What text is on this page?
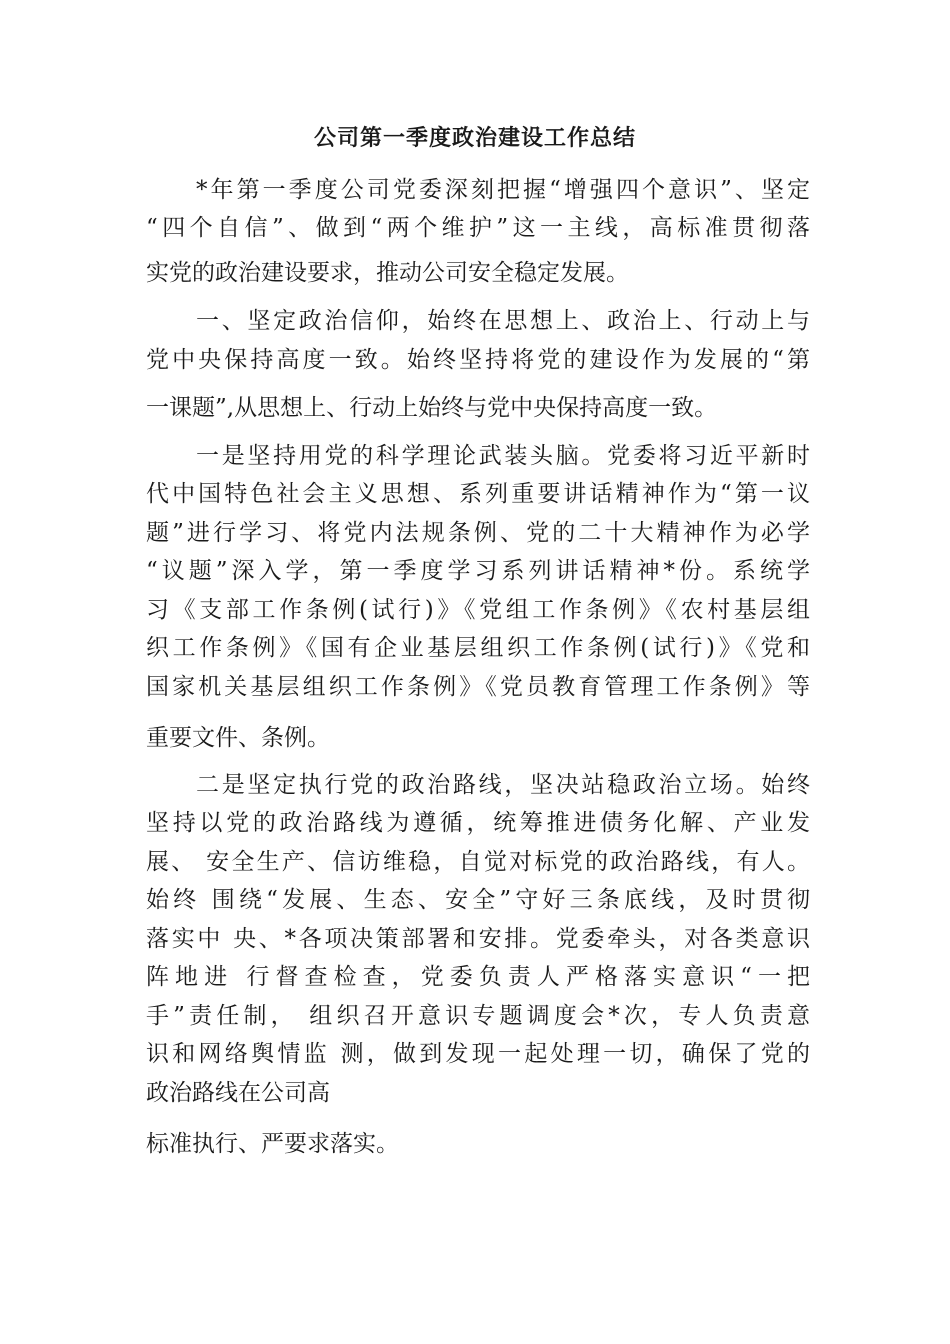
公司第一季度政治建设工作总结

*年第一季度公司党委深刻把握“增强四个意识”、坚定

“四个自信”、做到“两个维护”这一主线，高标准贯彻落

实党的政治建设要求，推动公司安全稳定发展。

一、坚定政治信仰，始终在思想上、政治上、行动上与

党中央保持高度一致。始终坚持将党的建设作为发展的“第

一课题”,从思想上、行动上始终与党中央保持高度一致。

一是坚持用党的科学理论武装头脑。党委将习近平新时

代中国特色社会主义思想、系列重要讲话精神作为“第一议

题”进行学习、将党内法规条例、党的二十大精神作为必学

“议题”深入学，第一季度学习系列讲话精神*份。系统学

习《支部工作条例(试行)》《党组工作条例》《农村基层组

织工作条例》《国有企业基层组织工作条例(试行)》《党和

国家机关基层组织工作条例》《党员教育管理工作条例》等

重要文件、条例。

二是坚定执行党的政治路线，坚决站稳政治立场。始终

坚持以党的政治路线为遵循，统筹推进债务化解、产业发

展、 安全生产、信访维稳，自觉对标党的政治路线，有人。

始终 围绕“发展、生态、安全”守好三条底线，及时贯彻

落实中 央、*各项决策部署和安排。党委牵头，对各类意识

阵地进 行督查检查，党委负责人严格落实意识“一把

手”责任制， 组织召开意识专题调度会*次，专人负责意

识和网络舆情监 测，做到发现一起处理一切，确保了党的

政治路线在公司高

标准执行、严要求落实。
